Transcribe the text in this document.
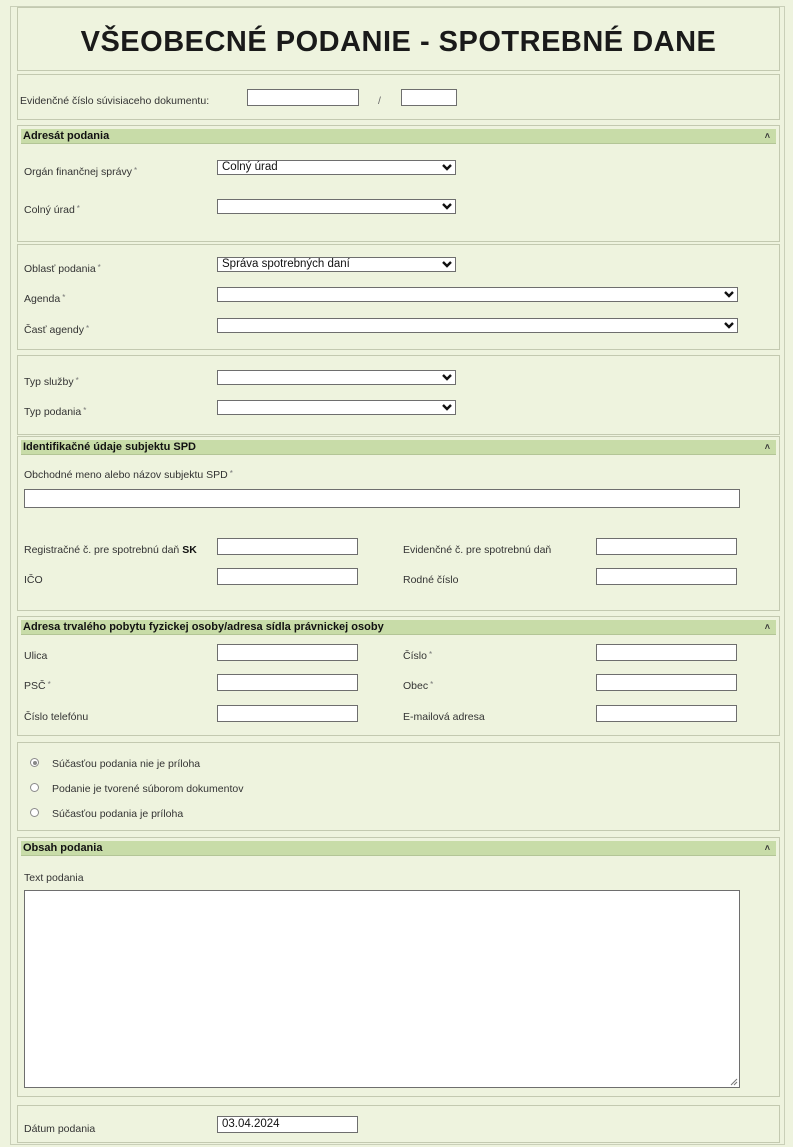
VŠEOBECNÉ PODANIE - SPOTREBNÉ DANE
Evidenčné číslo súvisiaceho dokumentu:	/
Adresát podania	˄
Orgán finančnej správy *	Colný úrad
Colný úrad *
Oblasť podania *	Správa spotrebných daní
Agenda *
Časť agendy *
Typ služby *
Typ podania *
Identifikačné údaje subjektu SPD	˄
Obchodné meno alebo názov subjektu SPD *
Registračné č. pre spotrebnú daň SK	Evidenčné č. pre spotrebnú daň
IČO	Rodné číslo
Adresa trvalého pobytu fyzickej osoby/adresa sídla právnickej osoby	˄
Ulica	Číslo *
PSČ *	Obec *
Číslo telefónu	E-mailová adresa
Súčasťou podania nie je príloha
Podanie je tvorené súborom dokumentov
Súčasťou podania je príloha
Obsah podania	˄
Text podania
Dátum podania	03.04.2024
